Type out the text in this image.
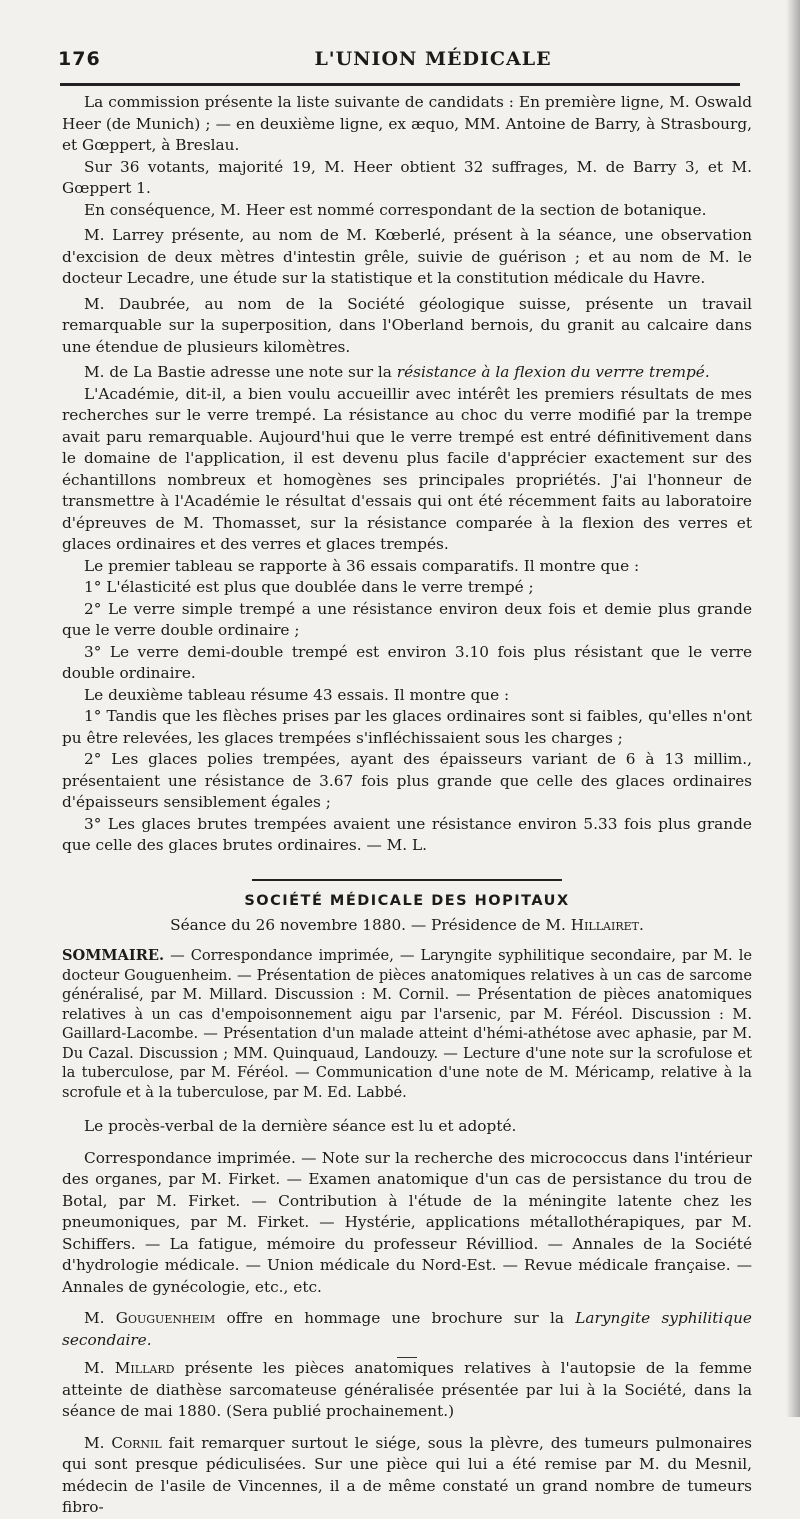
176	L'UNION MÉDICALE

La commission présente la liste suivante de candidats : En première ligne, M. Oswald Heer (de Munich) ; — en deuxième ligne, ex æquo, MM. Antoine de Barry, à Strasbourg, et Gœppert, à Breslau.

Sur 36 votants, majorité 19, M. Heer obtient 32 suffrages, M. de Barry 3, et M. Gœppert 1.

En conséquence, M. Heer est nommé correspondant de la section de botanique.

M. Larrey présente, au nom de M. Kœberlé, présent à la séance, une observation d'excision de deux mètres d'intestin grêle, suivie de guérison ; et au nom de M. le docteur Lecadre, une étude sur la statistique et la constitution médicale du Havre.

M. Daubrée, au nom de la Société géologique suisse, présente un travail remarquable sur la superposition, dans l'Oberland bernois, du granit au calcaire dans une étendue de plusieurs kilomètres.

M. de La Bastie adresse une note sur la résistance à la flexion du verrre trempé.

L'Académie, dit-il, a bien voulu accueillir avec intérêt les premiers résultats de mes recherches sur le verre trempé. La résistance au choc du verre modifié par la trempe avait paru remarquable. Aujourd'hui que le verre trempé est entré définitivement dans le domaine de l'application, il est devenu plus facile d'apprécier exactement sur des échantillons nombreux et homogènes ses principales propriétés. J'ai l'honneur de transmettre à l'Académie le résultat d'essais qui ont été récemment faits au laboratoire d'épreuves de M. Thomasset, sur la résistance comparée à la flexion des verres et glaces ordinaires et des verres et glaces trempés.

Le premier tableau se rapporte à 36 essais comparatifs. Il montre que :

1° L'élasticité est plus que doublée dans le verre trempé ;

2° Le verre simple trempé a une résistance environ deux fois et demie plus grande que le verre double ordinaire ;

3° Le verre demi-double trempé est environ 3.10 fois plus résistant que le verre double ordinaire.

Le deuxième tableau résume 43 essais. Il montre que :

1° Tandis que les flèches prises par les glaces ordinaires sont si faibles, qu'elles n'ont pu être relevées, les glaces trempées s'infléchissaient sous les charges ;

2° Les glaces polies trempées, ayant des épaisseurs variant de 6 à 13 millim., présentaient une résistance de 3.67 fois plus grande que celle des glaces ordinaires d'épaisseurs sensiblement égales ;

3° Les glaces brutes trempées avaient une résistance environ 5.33 fois plus grande que celle des glaces brutes ordinaires. — M. L.

SOCIÉTÉ MÉDICALE DES HOPITAUX
Séance du 26 novembre 1880. — Présidence de M. Hillairet.

SOMMAIRE. — Correspondance imprimée, — Laryngite syphilitique secondaire, par M. le docteur Gouguenheim. — Présentation de pièces anatomiques relatives à un cas de sarcome généralisé, par M. Millard. Discussion : M. Cornil. — Présentation de pièces anatomiques relatives à un cas d'empoisonnement aigu par l'arsenic, par M. Féréol. Discussion : M. Gaillard-Lacombe. — Présentation d'un malade atteint d'hémi-athétose avec aphasie, par M. Du Cazal. Discussion ; MM. Quinquaud, Landouzy. — Lecture d'une note sur la scrofulose et la tuberculose, par M. Féréol. — Communication d'une note de M. Méricamp, relative à la scrofule et à la tuberculose, par M. Ed. Labbé.

Le procès-verbal de la dernière séance est lu et adopté.

Correspondance imprimée. — Note sur la recherche des micrococcus dans l'intérieur des organes, par M. Firket. — Examen anatomique d'un cas de persistance du trou de Botal, par M. Firket. — Contribution à l'étude de la méningite latente chez les pneumoniques, par M. Firket. — Hystérie, applications métallothérapiques, par M. Schiffers. — La fatigue, mémoire du professeur Révilliod. — Annales de la Société d'hydrologie médicale. — Union médicale du Nord-Est. — Revue médicale française. — Annales de gynécologie, etc., etc.

M. Gouguenheim offre en hommage une brochure sur la Laryngite syphilitique secondaire.

M. Millard présente les pièces anatomiques relatives à l'autopsie de la femme atteinte de diathèse sarcomateuse généralisée présentée par lui à la Société, dans la séance de mai 1880. (Sera publié prochainement.)

M. Cornil fait remarquer surtout le siége, sous la plèvre, des tumeurs pulmonaires qui sont presque pédiculisées. Sur une pièce qui lui a été remise par M. du Mesnil, médecin de l'asile de Vincennes, il a de même constaté un grand nombre de tumeurs fibro-
